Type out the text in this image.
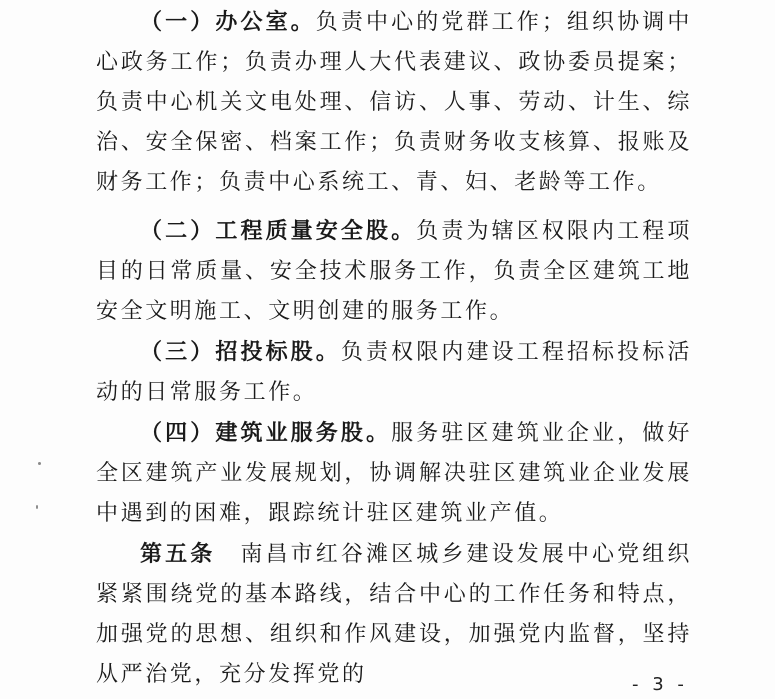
（一）办公室。负责中心的党群工作；组织协调中心政务工作；负责办理人大代表建议、政协委员提案；负责中心机关文电处理、信访、人事、劳动、计生、综治、安全保密、档案工作；负责财务收支核算、报账及财务工作；负责中心系统工、青、妇、老龄等工作。

（二）工程质量安全股。负责为辖区权限内工程项目的日常质量、安全技术服务工作，负责全区建筑工地安全文明施工、文明创建的服务工作。

（三）招投标股。负责权限内建设工程招标投标活动的日常服务工作。

（四）建筑业服务股。服务驻区建筑业企业，做好全区建筑产业发展规划，协调解决驻区建筑业企业发展中遇到的困难，跟踪统计驻区建筑业产值。

第五条　南昌市红谷滩区城乡建设发展中心党组织紧紧围绕党的基本路线，结合中心的工作任务和特点，加强党的思想、组织和作风建设，加强党内监督，坚持从严治党，充分发挥党的	- 3 -
